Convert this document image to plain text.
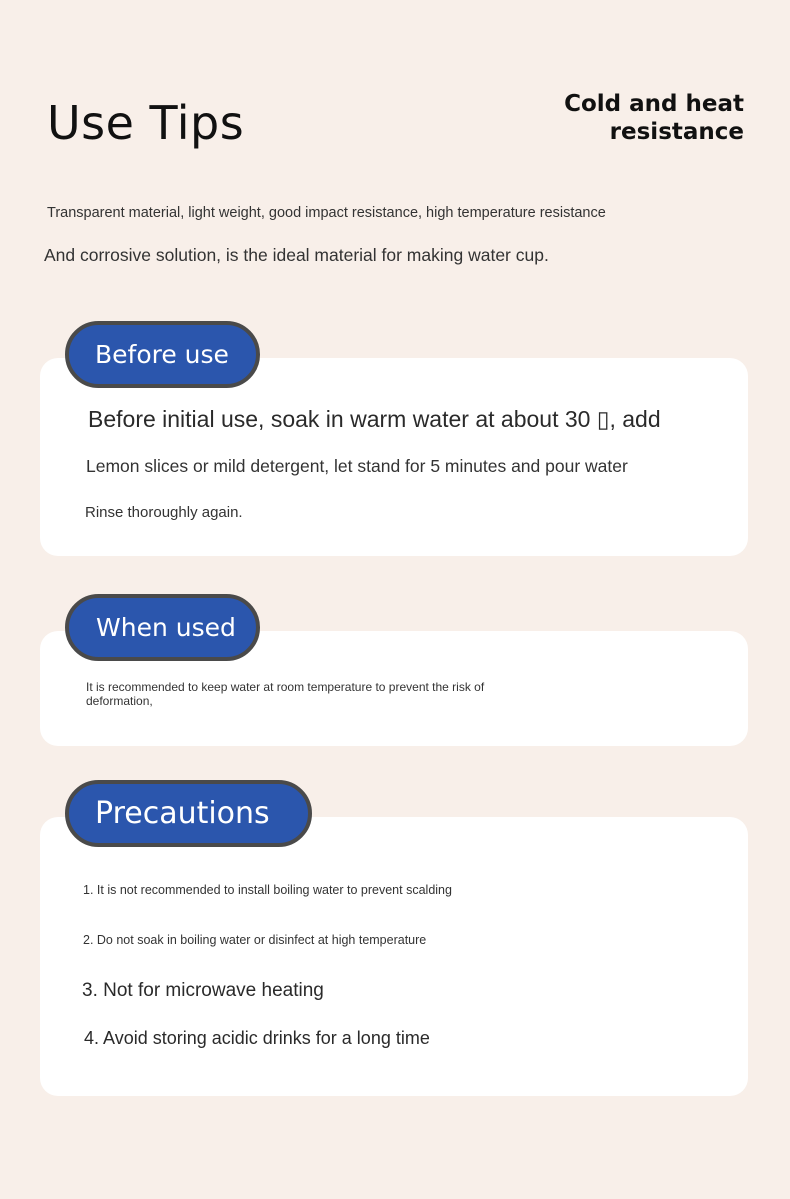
Use Tips	Cold and heat resistance
Transparent material, light weight, good impact resistance, high temperature resistance
And corrosive solution, is the ideal material for making water cup.
Before initial use, soak in warm water at about 30 ▯, add
Lemon slices or mild detergent, let stand for 5 minutes and pour water
Rinse thoroughly again.
Before use
It is recommended to keep water at room temperature to prevent the risk of deformation,
When used
1. It is not recommended to install boiling water to prevent scalding
2. Do not soak in boiling water or disinfect at high temperature
3. Not for microwave heating
4. Avoid storing acidic drinks for a long time
Precautions
